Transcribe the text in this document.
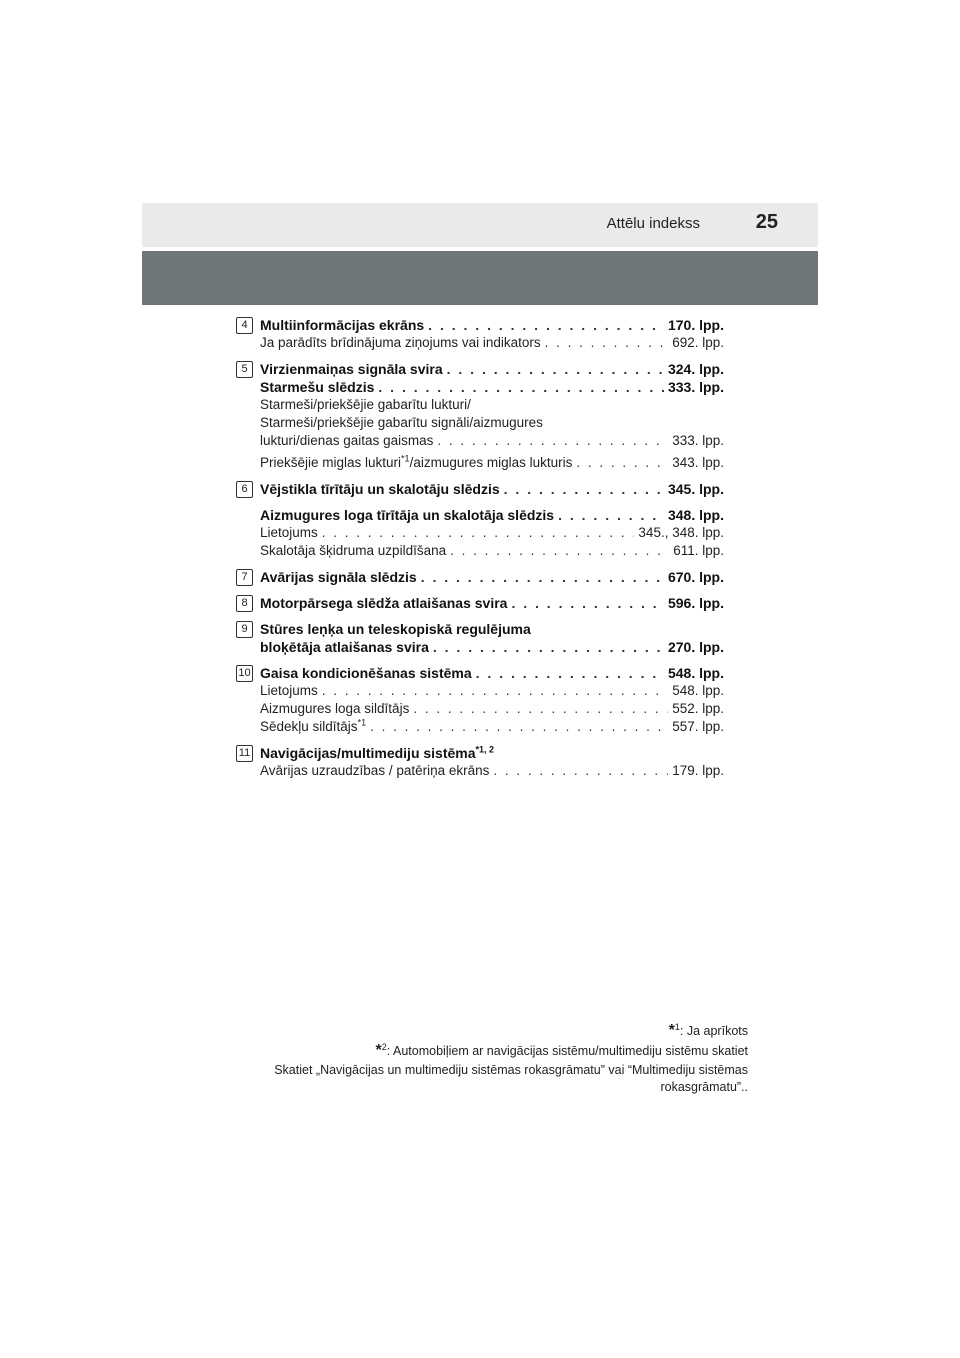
Attēlu indekss	25
4 Multiinformācijas ekrāns . . .	170. lpp.
Ja parādīts brīdinājuma ziņojums vai indikators . . .	692. lpp.
5 Virzienmaiņas signāla svira . . .	324. lpp.
Starmešu slēdzis . . .	333. lpp.
Starmeši/priekšējie gabarītu lukturi/
Starmeši/priekšējie gabarītu signāli/aizmugures
lukturi/dienas gaitas gaismas . . .	333. lpp.
Priekšējie miglas lukturi$^{*1}$/aizmugures miglas lukturis . . .	343. lpp.
6 Vējstikla tīrītāju un skalotāju slēdzis . . .	345. lpp.
Aizmugures loga tīrītāja un skalotāja slēdzis . . .	348. lpp.
Lietojums . . .	345., 348. lpp.
Skalotāja šķidruma uzpildīšana . . .	611. lpp.
7 Avārijas signāla slēdzis . . .	670. lpp.
8 Motorpārsega slēdža atlaišanas svira . . .	596. lpp.
9 Stūres leņķa un teleskopiskā regulējuma
bloķētāja atlaišanas svira . . .	270. lpp.
10 Gaisa kondicionēšanas sistēma . . .	548. lpp.
Lietojums . . .	548. lpp.
Aizmugures loga sildītājs . . .	552. lpp.
Sēdekļu sildītājs$^{*1}$ . . .	557. lpp.
11 Navigācijas/multimediju sistēma$^{*1, 2}$
Avārijas uzraudzības / patēriņa ekrāns . . .	179. lpp.
*$^1$: Ja aprīkots
*$^2$: Automobiļiem ar navigācijas sistēmu/multimediju sistēmu skatiet
Skatiet „Navigācijas un multimediju sistēmas rokasgrāmatu” vai “Multimediju sistēmas
rokasgrāmatu”..
